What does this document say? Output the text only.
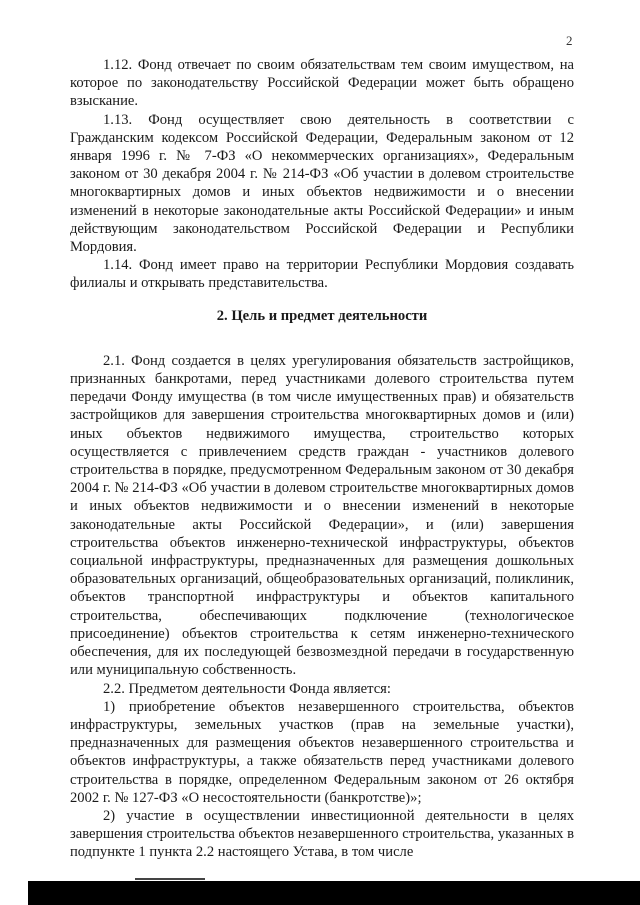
2

1.12. Фонд отвечает по своим обязательствам тем своим имуществом, на которое по законодательству Российской Федерации может быть обращено взыскание.

1.13. Фонд осуществляет свою деятельность в соответствии с Гражданским кодексом Российской Федерации, Федеральным законом от 12 января 1996 г. № 7-ФЗ «О некоммерческих организациях», Федеральным законом от 30 декабря 2004 г. № 214-ФЗ «Об участии в долевом строительстве многоквартирных домов и иных объектов недвижимости и о внесении изменений в некоторые законодательные акты Российской Федерации» и иным действующим законодательством Российской Федерации и Республики Мордовия.

1.14. Фонд имеет право на территории Республики Мордовия создавать филиалы и открывать представительства.

2. Цель и предмет деятельности

2.1. Фонд создается в целях урегулирования обязательств застройщиков, признанных банкротами, перед участниками долевого строительства путем передачи Фонду имущества (в том числе имущественных прав) и обязательств застройщиков для завершения строительства многоквартирных домов и (или) иных объектов недвижимого имущества, строительство которых осуществляется с привлечением средств граждан - участников долевого строительства в порядке, предусмотренном Федеральным законом от 30 декабря 2004 г. № 214-ФЗ «Об участии в долевом строительстве многоквартирных домов и иных объектов недвижимости и о внесении изменений в некоторые законодательные акты Российской Федерации», и (или) завершения строительства объектов инженерно-технической инфраструктуры, объектов социальной инфраструктуры, предназначенных для размещения дошкольных образовательных организаций, общеобразовательных организаций, поликлиник, объектов транспортной инфраструктуры и объектов капитального строительства, обеспечивающих подключение (технологическое присоединение) объектов строительства к сетям инженерно-технического обеспечения, для их последующей безвозмездной передачи в государственную или муниципальную собственность.

2.2. Предметом деятельности Фонда является:

1) приобретение объектов незавершенного строительства, объектов инфраструктуры, земельных участков (прав на земельные участки), предназначенных для размещения объектов незавершенного строительства и объектов инфраструктуры, а также обязательств перед участниками долевого строительства в порядке, определенном Федеральным законом от 26 октября 2002 г. № 127-ФЗ «О несостоятельности (банкротстве)»;

2) участие в осуществлении инвестиционной деятельности в целях завершения строительства объектов незавершенного строительства, указанных в подпункте 1 пункта 2.2 настоящего Устава, в том числе
